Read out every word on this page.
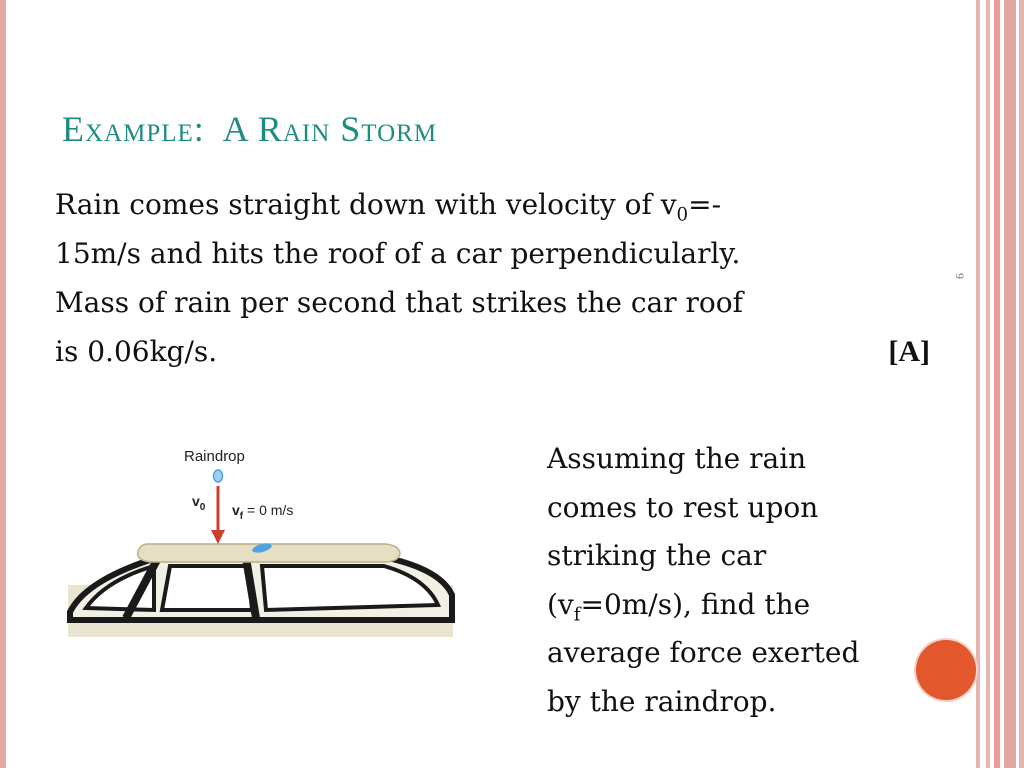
Example:  A Rain Storm
9
Rain comes straight down with velocity of $v_0=-$
15m/s and hits the roof of a car perpendicularly.
Mass of rain per second that strikes the car roof
is 0.06kg/s.	[A]
Raindrop
$v_0$ $v_f = 0$ m/s
Assuming the rain
comes to rest upon
striking the car
$(v_f=0m/s)$, find the
average force exerted
by the raindrop.
